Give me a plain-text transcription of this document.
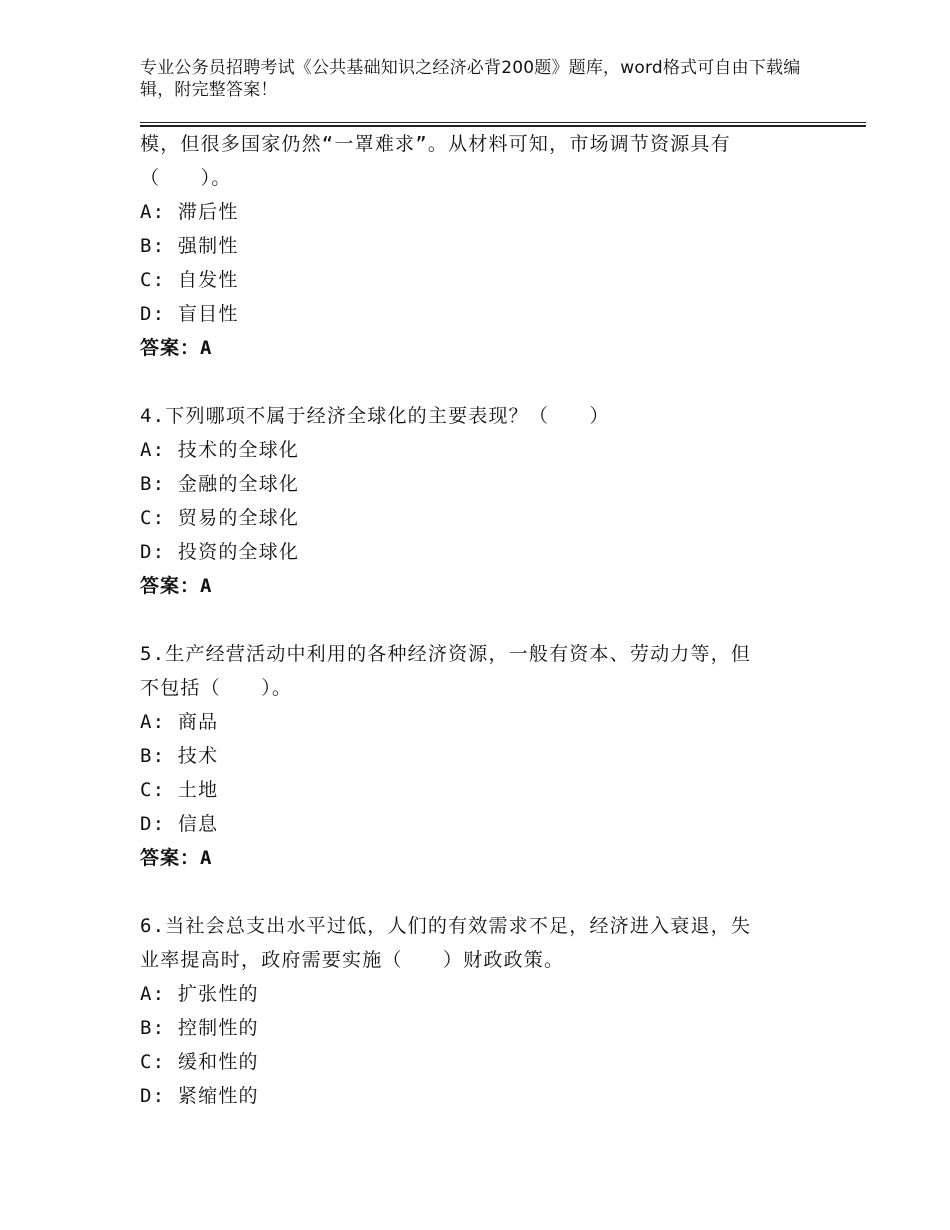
专业公务员招聘考试《公共基础知识之经济必背200题》题库，word格式可自由下载编辑，附完整答案！
模，但很多国家仍然“一罩难求”。从材料可知，市场调节资源具有
（　　）。
A: 滞后性
B: 强制性
C: 自发性
D: 盲目性
答案：A
4.下列哪项不属于经济全球化的主要表现？（　　）
A: 技术的全球化
B: 金融的全球化
C: 贸易的全球化
D: 投资的全球化
答案：A
5.生产经营活动中利用的各种经济资源，一般有资本、劳动力等，但
不包括（　　）。
A: 商品
B: 技术
C: 土地
D: 信息
答案：A
6.当社会总支出水平过低，人们的有效需求不足，经济进入衰退，失
业率提高时，政府需要实施（　　）财政政策。
A: 扩张性的
B: 控制性的
C: 缓和性的
D: 紧缩性的
